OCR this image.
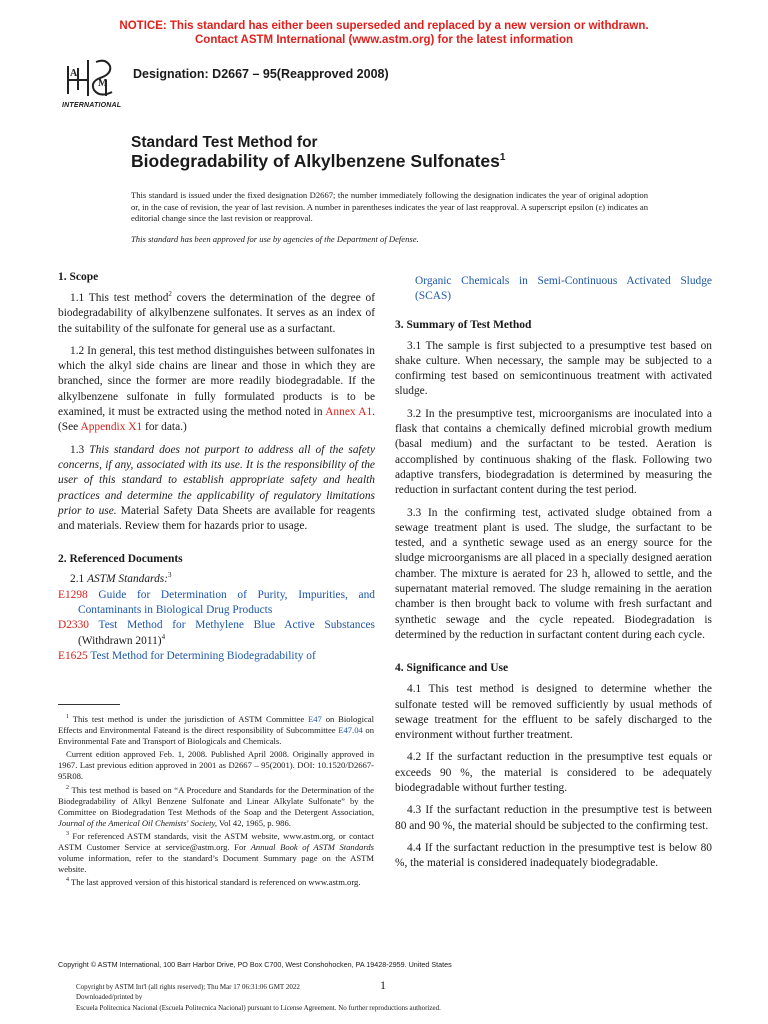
NOTICE: This standard has either been superseded and replaced by a new version or withdrawn.
Contact ASTM International (www.astm.org) for the latest information
A
M
INTERNATIONAL
Designation: D2667 – 95(Reapproved 2008)
Standard Test Method for
Biodegradability of Alkylbenzene Sulfonates$^1$
This standard is issued under the fixed designation D2667; the number immediately following the designation indicates the year of original adoption or, in the case of revision, the year of last revision. A number in parentheses indicates the year of last reapproval. A superscript epsilon (ε) indicates an editorial change since the last revision or reapproval.
This standard has been approved for use by agencies of the Department of Defense.
1. Scope

1.1 This test method$^2$ covers the determination of the degree of biodegradability of alkylbenzene sulfonates. It serves as an index of the suitability of the sulfonate for general use as a surfactant.

1.2 In general, this test method distinguishes between sulfonates in which the alkyl side chains are linear and those in which they are branched, since the former are more readily biodegradable. If the alkylbenzene sulfonate in fully formulated products is to be examined, it must be extracted using the method noted in Annex A1. (See Appendix X1 for data.)

1.3 This standard does not purport to address all of the safety concerns, if any, associated with its use. It is the responsibility of the user of this standard to establish appropriate safety and health practices and determine the applicability of regulatory limitations prior to use. Material Safety Data Sheets are available for reagents and materials. Review them for hazards prior to usage.

2. Referenced Documents

2.1 ASTM Standards:$^3$

E1298 Guide for Determination of Purity, Impurities, and Contaminants in Biological Drug Products

D2330 Test Method for Methylene Blue Active Substances (Withdrawn 2011)$^4$

E1625 Test Method for Determining Biodegradability of

$^1$ This test method is under the jurisdiction of ASTM Committee E47 on Biological Effects and Environmental Fateand is the direct responsibility of Subcommittee E47.04 on Environmental Fate and Transport of Biologicals and Chemicals.

Current edition approved Feb. 1, 2008. Published April 2008. Originally approved in 1967. Last previous edition approved in 2001 as D2667 – 95(2001). DOI: 10.1520/D2667-95R08.

$^2$ This test method is based on “A Procedure and Standards for the Determination of the Biodegradability of Alkyl Benzene Sulfonate and Linear Alkylate Sulfonate” by the Committee on Biodegradation Test Methods of the Soap and the Detergent Association, Journal of the Americal Oil Chemists' Society, Vol 42, 1965, p. 986.

$^3$ For referenced ASTM standards, visit the ASTM website, www.astm.org, or contact ASTM Customer Service at service@astm.org. For Annual Book of ASTM Standards volume information, refer to the standard’s Document Summary page on the ASTM website.

$^4$ The last approved version of this historical standard is referenced on www.astm.org.

Organic Chemicals in Semi-Continuous Activated Sludge (SCAS)

3. Summary of Test Method

3.1 The sample is first subjected to a presumptive test based on shake culture. When necessary, the sample may be subjected to a confirming test based on semicontinuous treatment with activated sludge.

3.2 In the presumptive test, microorganisms are inoculated into a flask that contains a chemically defined microbial growth medium (basal medium) and the surfactant to be tested. Aeration is accomplished by continuous shaking of the flask. Following two adaptive transfers, biodegradation is determined by measuring the reduction in surfactant content during the test period.

3.3 In the confirming test, activated sludge obtained from a sewage treatment plant is used. The sludge, the surfactant to be tested, and a synthetic sewage used as an energy source for the sludge microorganisms are all placed in a specially designed aeration chamber. The mixture is aerated for 23 h, allowed to settle, and the supernatant material removed. The sludge remaining in the aeration chamber is then brought back to volume with fresh surfactant and synthetic sewage and the cycle repeated. Biodegradation is determined by the reduction in surfactant content during each cycle.

4. Significance and Use

4.1 This test method is designed to determine whether the sulfonate tested will be removed sufficiently by usual methods of sewage treatment for the effluent to be safely discharged to the environment without further treatment.

4.2 If the surfactant reduction in the presumptive test equals or exceeds 90 %, the material is considered to be adequately biodegradable without further testing.

4.3 If the surfactant reduction in the presumptive test is between 80 and 90 %, the material should be subjected to the confirming test.

4.4 If the surfactant reduction in the presumptive test is below 80 %, the material is considered inadequately biodegradable.

Copyright © ASTM International, 100 Barr Harbor Drive, PO Box C700, West Conshohocken, PA 19428-2959. United States
1
Copyright by ASTM Int'l (all rights reserved); Thu Mar 17 06:31:06 GMT 2022
Downloaded/printed by
Escuela Politecnica Nacional (Escuela Politecnica Nacional) pursuant to License Agreement. No further reproductions authorized.
